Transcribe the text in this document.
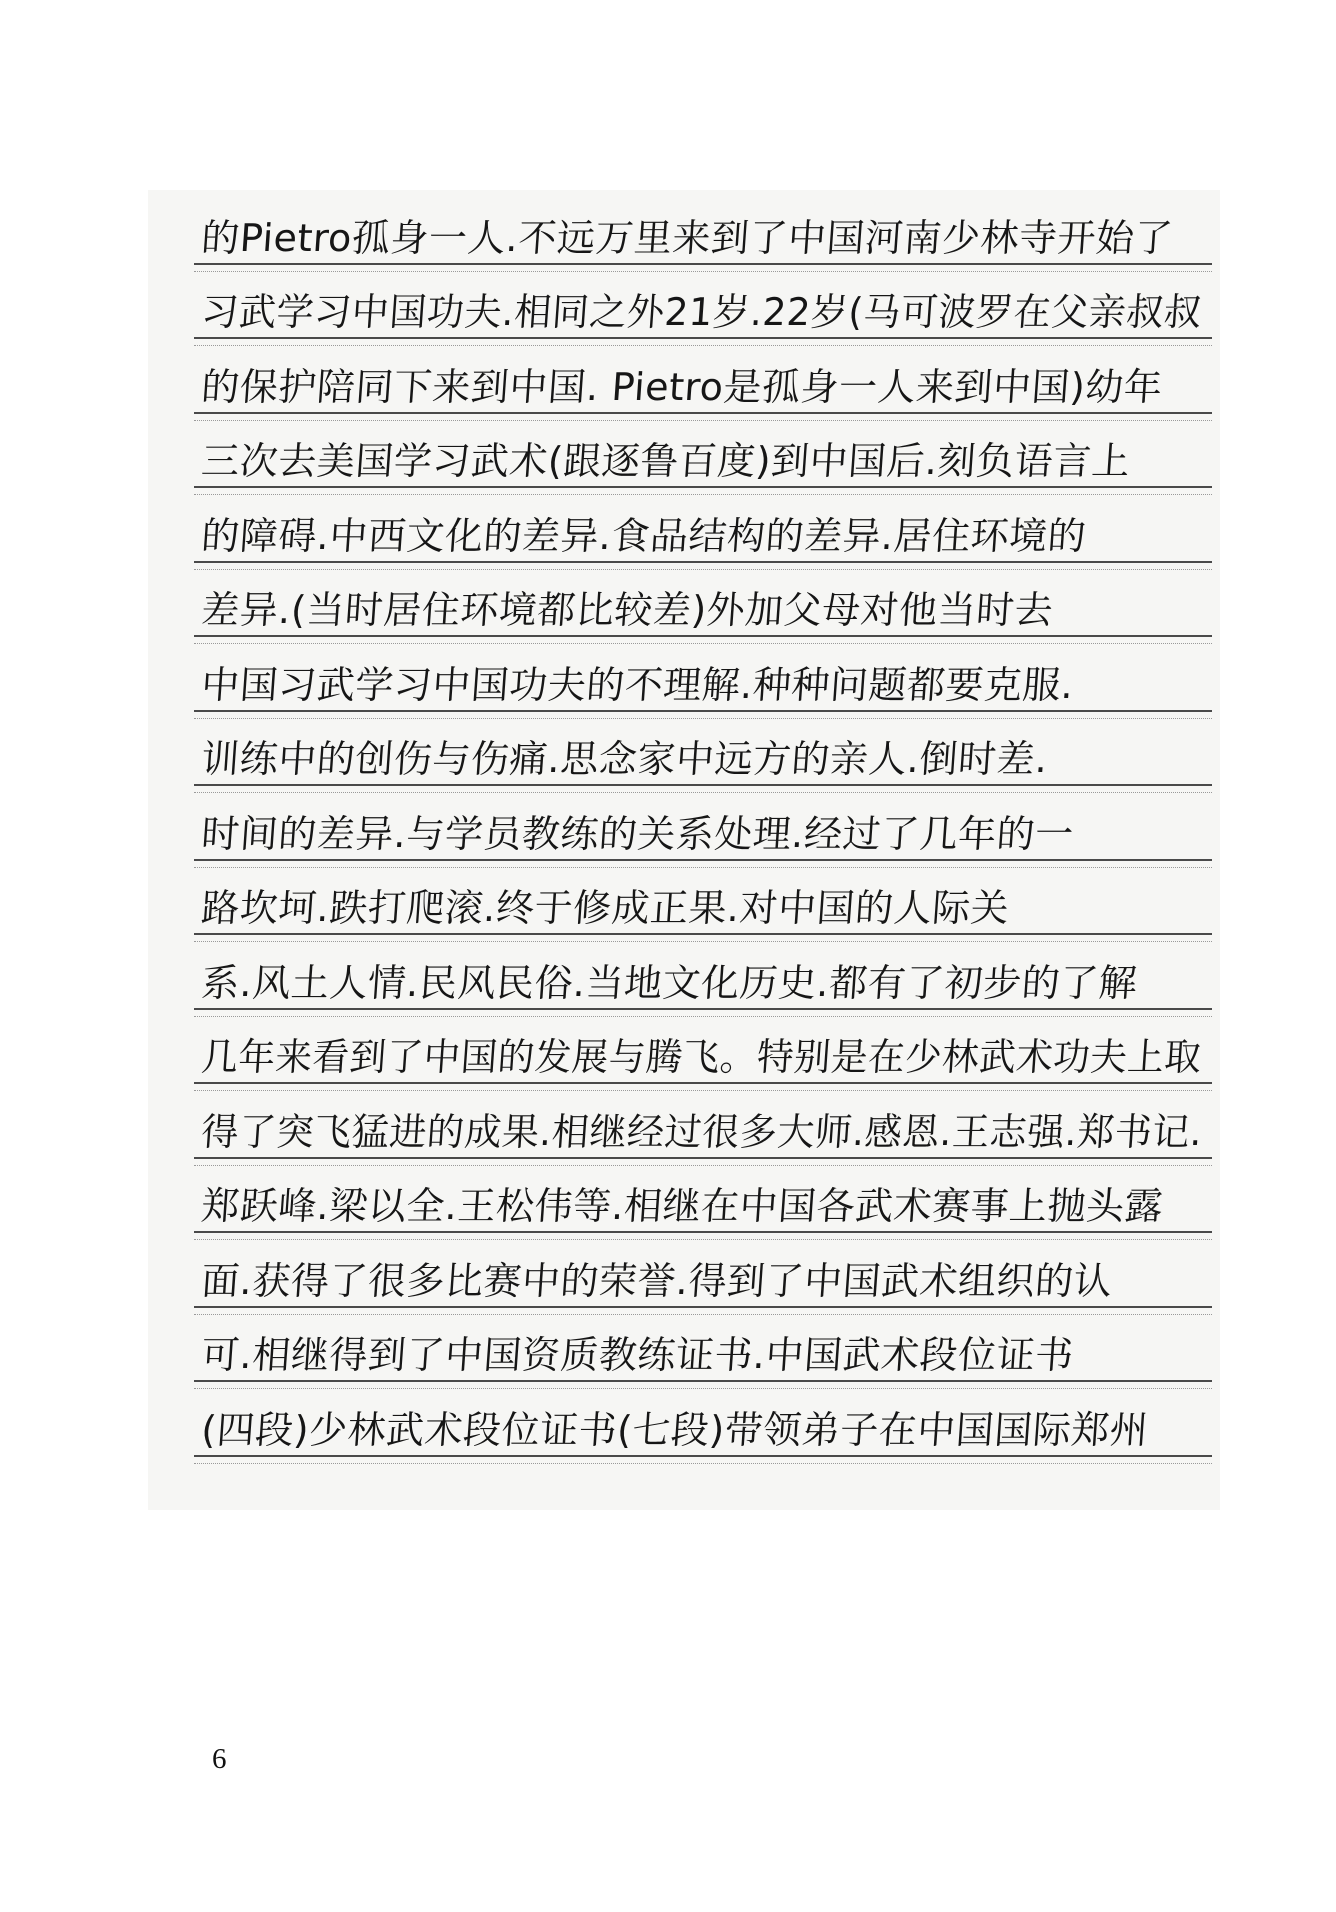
的Pietro孤身一人.不远万里来到了中国河南少林寺开始了
习武学习中国功夫.相同之外21岁.22岁(马可波罗在父亲叔叔
的保护陪同下来到中国. Pietro是孤身一人来到中国)幼年
三次去美国学习武术(跟逐鲁百度)到中国后.刻负语言上
的障碍.中西文化的差异.食品结构的差异.居住环境的
差异.(当时居住环境都比较差)外加父母对他当时去
中国习武学习中国功夫的不理解.种种问题都要克服.
训练中的创伤与伤痛.思念家中远方的亲人.倒时差.
时间的差异.与学员教练的关系处理.经过了几年的一
路坎坷.跌打爬滚.终于修成正果.对中国的人际关
系.风土人情.民风民俗.当地文化历史.都有了初步的了解
几年来看到了中国的发展与腾飞。特别是在少林武术功夫上取
得了突飞猛进的成果.相继经过很多大师.感恩.王志强.郑书记.
郑跃峰.梁以全.王松伟等.相继在中国各武术赛事上抛头露
面.获得了很多比赛中的荣誉.得到了中国武术组织的认
可.相继得到了中国资质教练证书.中国武术段位证书
(四段)少林武术段位证书(七段)带领弟子在中国国际郑州
6
